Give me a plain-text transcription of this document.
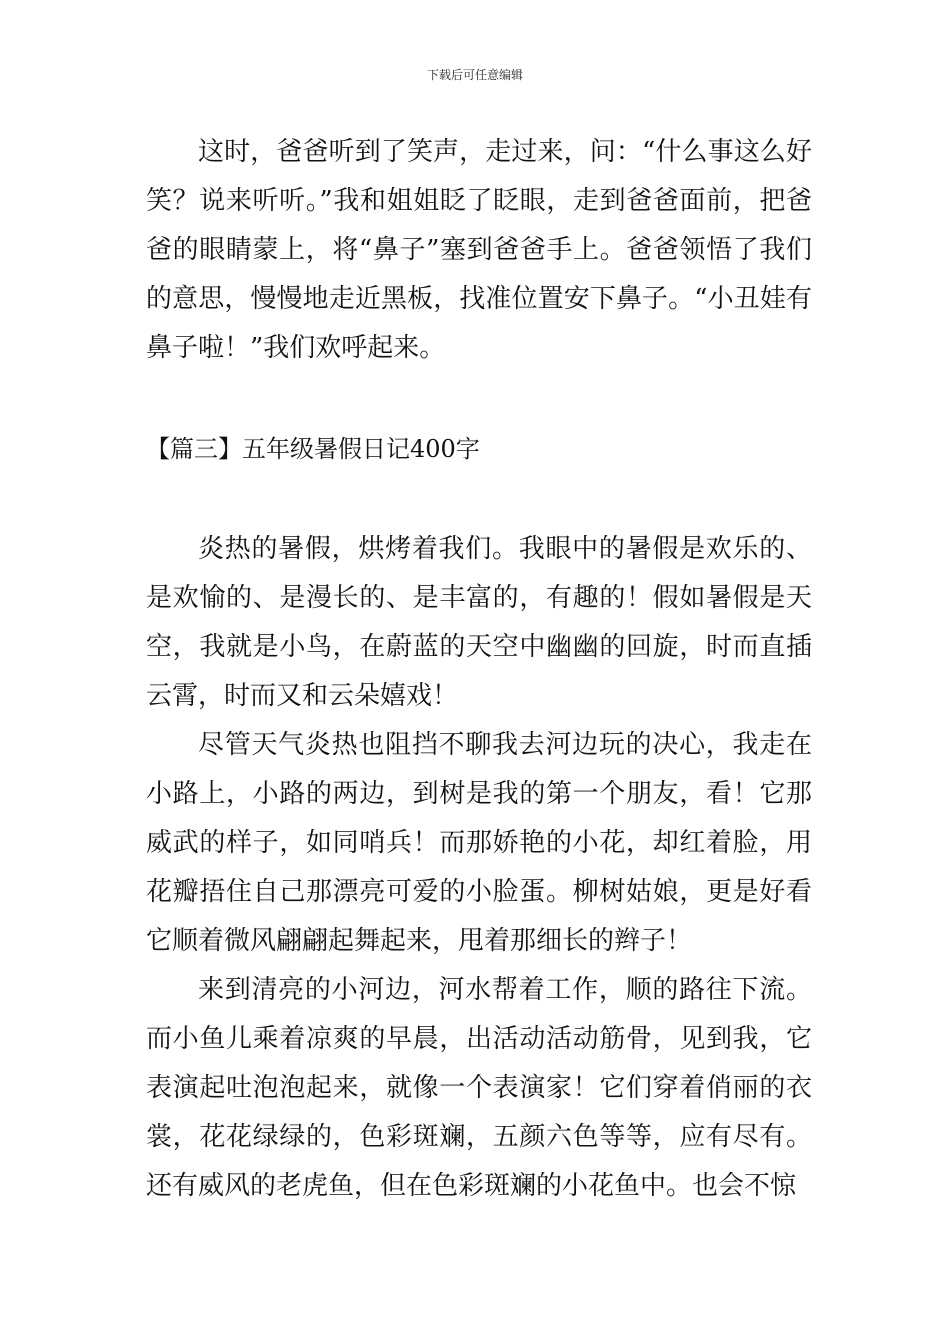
下载后可任意编辑

这时，爸爸听到了笑声，走过来，问：“什么事这么好笑？说来听听。”我和姐姐眨了眨眼，走到爸爸面前，把爸爸的眼睛蒙上，将“鼻子”塞到爸爸手上。爸爸领悟了我们的意思，慢慢地走近黑板，找准位置安下鼻子。“小丑娃有鼻子啦！”我们欢呼起来。

【篇三】五年级暑假日记400字

炎热的暑假，烘烤着我们。我眼中的暑假是欢乐的、是欢愉的、是漫长的、是丰富的，有趣的！假如暑假是天空，我就是小鸟，在蔚蓝的天空中幽幽的回旋，时而直插云霄，时而又和云朵嬉戏！

尽管天气炎热也阻挡不聊我去河边玩的决心，我走在小路上，小路的两边，到树是我的第一个朋友，看！它那威武的样子，如同哨兵！而那娇艳的小花，却红着脸，用花瓣捂住自己那漂亮可爱的小脸蛋。柳树姑娘，更是好看它顺着微风翩翩起舞起来，甩着那细长的辫子！

来到清亮的小河边，河水帮着工作，顺的路往下流。而小鱼儿乘着凉爽的早晨，出活动活动筋骨，见到我，它表演起吐泡泡起来，就像一个表演家！它们穿着俏丽的衣裳，花花绿绿的，色彩斑斓，五颜六色等等，应有尽有。还有威风的老虎鱼，但在色彩斑斓的小花鱼中。也会不惊
